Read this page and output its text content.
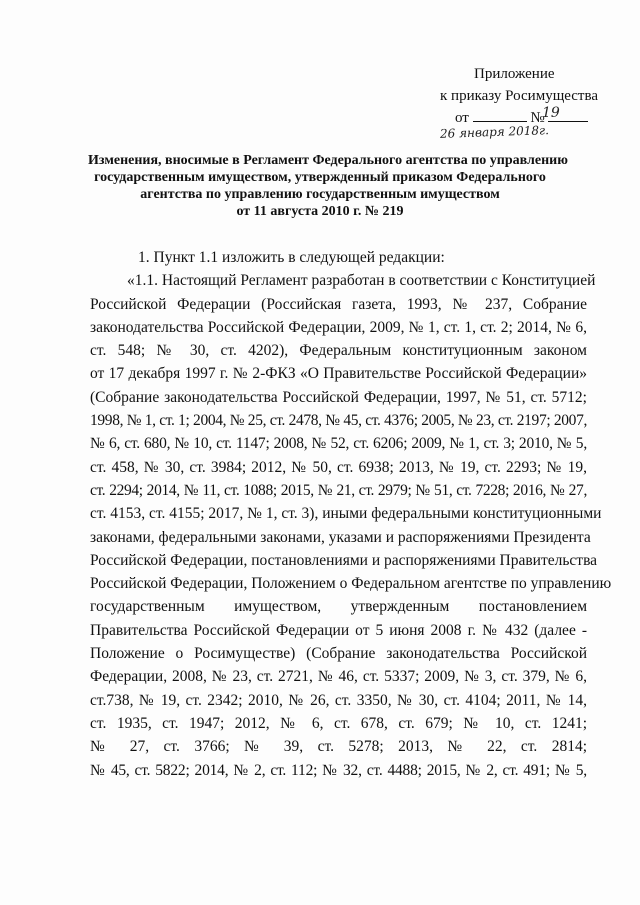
Приложение
к приказу Росимущества
от	№
19
26 января 2018г.
Изменения, вносимые в Регламент Федерального агентства по управлению
государственным имуществом, утвержденный приказом Федерального
агентства по управлению государственным имуществом
от 11 августа 2010 г. № 219
1. Пункт 1.1 изложить в следующей редакции:
«1.1. Настоящий Регламент разработан в соответствии с Конституцией
Российской Федерации (Российская газета, 1993, № 237, Собрание
законодательства Российской Федерации, 2009, № 1, ст. 1, ст. 2; 2014, № 6,
ст. 548; № 30, ст. 4202), Федеральным конституционным законом
от 17 декабря 1997 г. № 2-ФКЗ «О Правительстве Российской Федерации»
(Собрание законодательства Российской Федерации, 1997, № 51, ст. 5712;
1998, № 1, ст. 1; 2004, № 25, ст. 2478, № 45, ст. 4376; 2005, № 23, ст. 2197; 2007,
№ 6, ст. 680, № 10, ст. 1147; 2008, № 52, ст. 6206; 2009, № 1, ст. 3; 2010, № 5,
ст. 458, № 30, ст. 3984; 2012, № 50, ст. 6938; 2013, № 19, ст. 2293; № 19,
ст. 2294; 2014, № 11, ст. 1088; 2015, № 21, ст. 2979; № 51, ст. 7228; 2016, № 27,
ст. 4153, ст. 4155; 2017, № 1, ст. 3), иными федеральными конституционными
законами, федеральными законами, указами и распоряжениями Президента
Российской Федерации, постановлениями и распоряжениями Правительства
Российской Федерации, Положением о Федеральном агентстве по управлению
государственным имуществом, утвержденным постановлением
Правительства Российской Федерации от 5 июня 2008 г. № 432 (далее -
Положение о Росимуществе) (Собрание законодательства Российской
Федерации, 2008, № 23, ст. 2721, № 46, ст. 5337; 2009, № 3, ст. 379, № 6,
ст.738, № 19, ст. 2342; 2010, № 26, ст. 3350, № 30, ст. 4104; 2011, № 14,
ст. 1935, ст. 1947; 2012, № 6, ст. 678, ст. 679; № 10, ст. 1241;
№ 27, ст. 3766; № 39, ст. 5278; 2013, № 22, ст. 2814;
№ 45, ст. 5822; 2014, № 2, ст. 112; № 32, ст. 4488; 2015, № 2, ст. 491; № 5,
